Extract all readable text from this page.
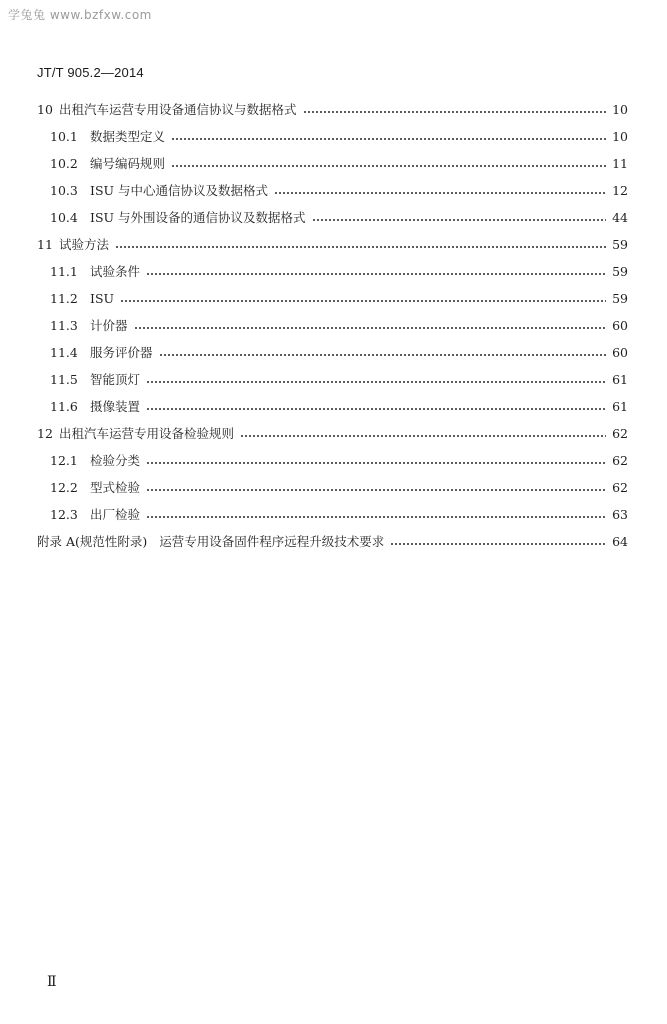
学兔兔 www.bzfxw.com
JT/T 905.2—2014
10 出租汽车运营专用设备通信协议与数据格式	10
10.1 数据类型定义	10
10.2 编号编码规则	11
10.3 ISU 与中心通信协议及数据格式	12
10.4 ISU 与外围设备的通信协议及数据格式	44
11 试验方法	59
11.1 试验条件	59
11.2 ISU	59
11.3 计价器	60
11.4 服务评价器	60
11.5 智能顶灯	61
11.6 摄像装置	61
12 出租汽车运营专用设备检验规则	62
12.1 检验分类	62
12.2 型式检验	62
12.3 出厂检验	63
附录 A(规范性附录) 运营专用设备固件程序远程升级技术要求	64
Ⅱ
